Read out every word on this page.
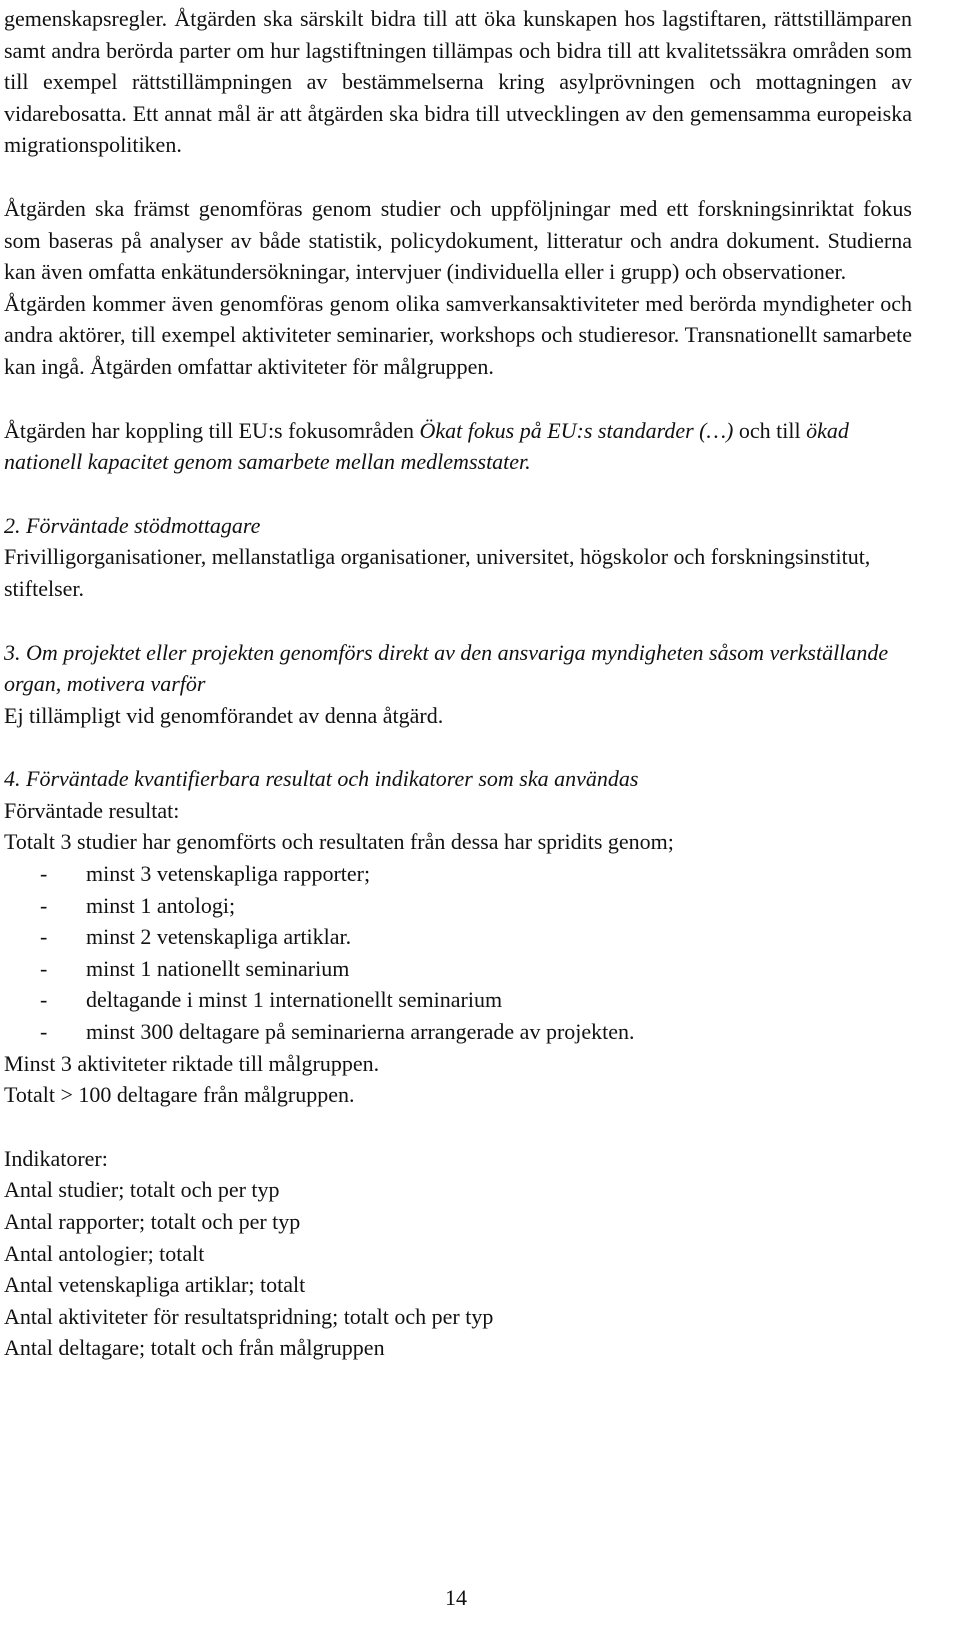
gemenskapsregler. Åtgärden ska särskilt bidra till att öka kunskapen hos lagstiftaren, rättstillämparen samt andra berörda parter om hur lagstiftningen tillämpas och bidra till att kvalitetssäkra områden som till exempel rättstillämpningen av bestämmelserna kring asylprövningen och mottagningen av vidarebosatta. Ett annat mål är att åtgärden ska bidra till utvecklingen av den gemensamma europeiska migrationspolitiken.

Åtgärden ska främst genomföras genom studier och uppföljningar med ett forskningsinriktat fokus som baseras på analyser av både statistik, policydokument, litteratur och andra dokument. Studierna kan även omfatta enkätundersökningar, intervjuer (individuella eller i grupp) och observationer.

Åtgärden kommer även genomföras genom olika samverkansaktiviteter med berörda myndigheter och andra aktörer, till exempel aktiviteter seminarier, workshops och studieresor. Transnationellt samarbete kan ingå. Åtgärden omfattar aktiviteter för målgruppen.

Åtgärden har koppling till EU:s fokusområden Ökat fokus på EU:s standarder (…) och till ökad nationell kapacitet genom samarbete mellan medlemsstater.

2. Förväntade stödmottagare

Frivilligorganisationer, mellanstatliga organisationer, universitet, högskolor och forskningsinstitut, stiftelser.

3. Om projektet eller projekten genomförs direkt av den ansvariga myndigheten såsom verkställande organ, motivera varför

Ej tillämpligt vid genomförandet av denna åtgärd.

4. Förväntade kvantifierbara resultat och indikatorer som ska användas

Förväntade resultat:

Totalt 3 studier har genomförts och resultaten från dessa har spridits genom;

- minst 3 vetenskapliga rapporter;
- minst 1 antologi;
- minst 2 vetenskapliga artiklar.
- minst 1 nationellt seminarium
- deltagande i minst 1 internationellt seminarium
- minst 300 deltagare på seminarierna arrangerade av projekten.

Minst 3 aktiviteter riktade till målgruppen.

Totalt > 100 deltagare från målgruppen.

Indikatorer:

Antal studier; totalt och per typ

Antal rapporter; totalt och per typ

Antal antologier; totalt

Antal vetenskapliga artiklar; totalt

Antal aktiviteter för resultatspridning; totalt och per typ

Antal deltagare; totalt och från målgruppen

14
